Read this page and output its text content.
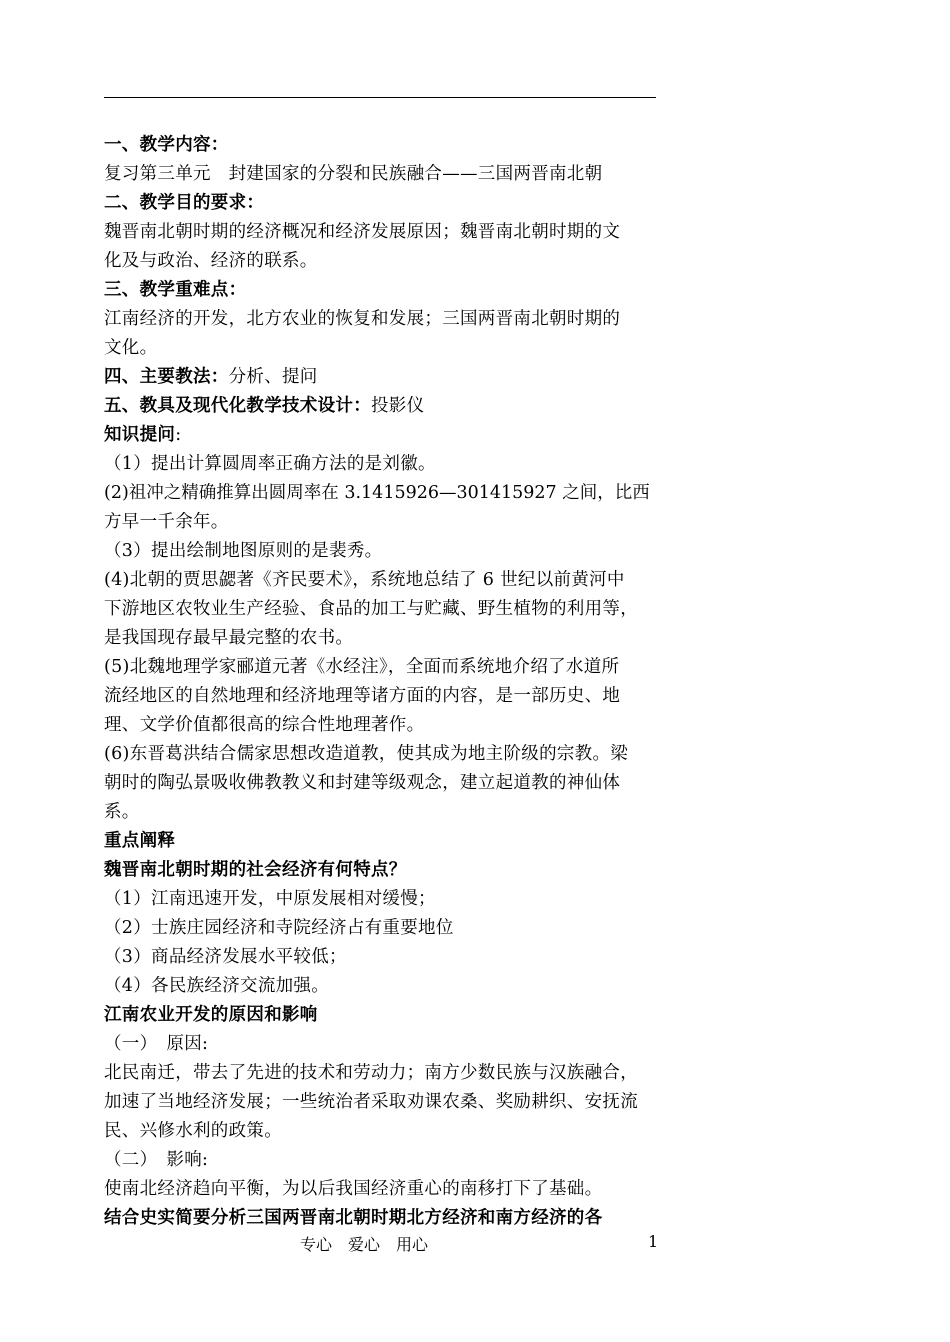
一、教学内容：
复习第三单元　封建国家的分裂和民族融合——三国两晋南北朝
二、教学目的要求：
魏晋南北朝时期的经济概况和经济发展原因；魏晋南北朝时期的文
化及与政治、经济的联系。
三、教学重难点：
江南经济的开发，北方农业的恢复和发展；三国两晋南北朝时期的
文化。
四、主要教法：分析、提问
五、教具及现代化教学技术设计：投影仪
知识提问:
（1）提出计算圆周率正确方法的是刘徽。
(2)祖冲之精确推算出圆周率在 3.1415926—301415927 之间，比西
方早一千余年。
（3）提出绘制地图原则的是裴秀。
(4)北朝的贾思勰著《齐民要术》，系统地总结了 6 世纪以前黄河中
下游地区农牧业生产经验、食品的加工与贮藏、野生植物的利用等，
是我国现存最早最完整的农书。
(5)北魏地理学家郦道元著《水经注》，全面而系统地介绍了水道所
流经地区的自然地理和经济地理等诸方面的内容，是一部历史、地
理、文学价值都很高的综合性地理著作。
(6)东晋葛洪结合儒家思想改造道教，使其成为地主阶级的宗教。梁
朝时的陶弘景吸收佛教教义和封建等级观念，建立起道教的神仙体
系。
重点阐释
魏晋南北朝时期的社会经济有何特点？
（1）江南迅速开发，中原发展相对缓慢；
（2）士族庄园经济和寺院经济占有重要地位
（3）商品经济发展水平较低；
（4）各民族经济交流加强。
江南农业开发的原因和影响
（一）　原因:
北民南迁，带去了先进的技术和劳动力；南方少数民族与汉族融合，
加速了当地经济发展；一些统治者采取劝课农桑、奖励耕织、安抚流
民、兴修水利的政策。
（二）　影响:
使南北经济趋向平衡，为以后我国经济重心的南移打下了基础。
结合史实简要分析三国两晋南北朝时期北方经济和南方经济的各
专心　爱心　用心	1
